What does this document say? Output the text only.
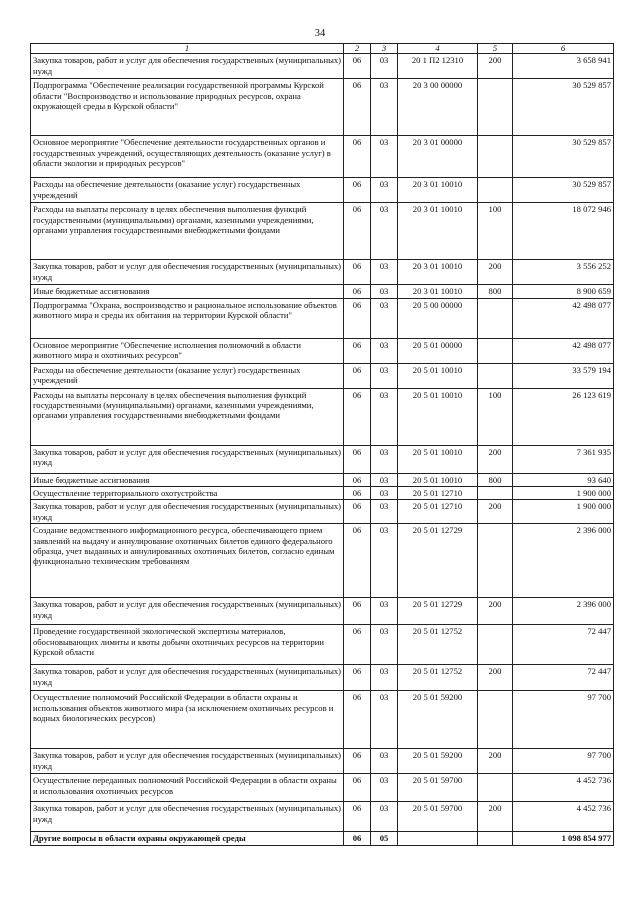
34
1	2	3	4	5	6
Закупка товаров, работ и услуг для обеспечения государственных (муниципальных) нужд	06	03	20 1 П2 12310	200	3 658 941
Подпрограмма "Обеспечение реализации государственной программы Курской области "Воспроизводство и использование природных ресурсов, охрана окружающей среды в Курской области"	06	03	20 3 00 00000		30 529 857
Основное мероприятие "Обеспечение деятельности государственных органов и государственных учреждений, осуществляющих деятельность (оказание услуг) в области экологии и природных ресурсов"	06	03	20 3 01 00000		30 529 857
Расходы на обеспечение деятельности (оказание услуг) государственных учреждений	06	03	20 3 01 10010		30 529 857
Расходы на выплаты персоналу в целях обеспечения выполнения функций государственными (муниципальными) органами, казенными учреждениями, органами управления государственными внебюджетными фондами	06	03	20 3 01 10010	100	18 072 946
Закупка товаров, работ и услуг для обеспечения государственных (муниципальных) нужд	06	03	20 3 01 10010	200	3 556 252
Иные бюджетные ассигнования	06	03	20 3 01 10010	800	8 900 659
Подпрограмма "Охрана, воспроизводство и рациональное использование объектов животного мира и среды их обитания на территории Курской области"	06	03	20 5 00 00000		42 498 077
Основное мероприятие "Обеспечение исполнения полномочий в области животного мира и охотничьих ресурсов"	06	03	20 5 01 00000		42 498 077
Расходы на обеспечение деятельности (оказание услуг) государственных учреждений	06	03	20 5 01 10010		33 579 194
Расходы на выплаты персоналу в целях обеспечения выполнения функций государственными (муниципальными) органами, казенными учреждениями, органами управления государственными внебюджетными фондами	06	03	20 5 01 10010	100	26 123 619
Закупка товаров, работ и услуг для обеспечения государственных (муниципальных) нужд	06	03	20 5 01 10010	200	7 361 935
Иные бюджетные ассигнования	06	03	20 5 01 10010	800	93 640
Осуществление территориального охотустройства	06	03	20 5 01 12710		1 900 000
Закупка товаров, работ и услуг для обеспечения государственных (муниципальных) нужд	06	03	20 5 01 12710	200	1 900 000
Создание ведомственного информационного ресурса, обеспечивающего прием заявлений на выдачу и аннулирование охотничьих билетов единого федерального образца, учет выданных и аннулированных охотничьих билетов, согласно единым функционально техническим требованиям	06	03	20 5 01 12729		2 396 000
Закупка товаров, работ и услуг для обеспечения государственных (муниципальных) нужд	06	03	20 5 01 12729	200	2 396 000
Проведение государственной экологической экспертизы материалов, обосновывающих лимиты и квоты добычи охотничьих ресурсов на территории Курской области	06	03	20 5 01 12752		72 447
Закупка товаров, работ и услуг для обеспечения государственных (муниципальных) нужд	06	03	20 5 01 12752	200	72 447
Осуществление полномочий Российской Федерации в области охраны и использования объектов животного мира (за исключением охотничьих ресурсов и водных биологических ресурсов)	06	03	20 5 01 59200		97 700
Закупка товаров, работ и услуг для обеспечения государственных (муниципальных) нужд	06	03	20 5 01 59200	200	97 700
Осуществление переданных полномочий Российской Федерации в области охраны и использования охотничьих ресурсов	06	03	20 5 01 59700		4 452 736
Закупка товаров, работ и услуг для обеспечения государственных (муниципальных) нужд	06	03	20 5 01 59700	200	4 452 736
Другие вопросы в области охраны окружающей среды	06	05			1 098 854 977
